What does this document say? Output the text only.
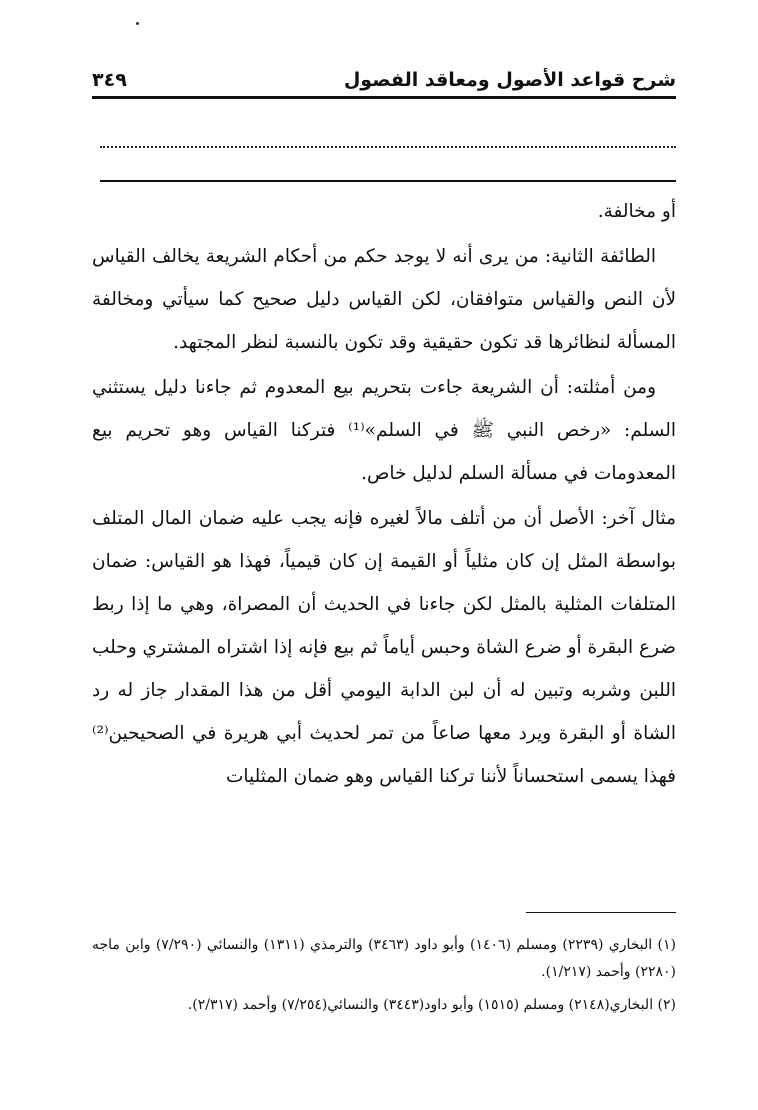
شرح قواعد الأصول ومعاقد الفصول
٣٤٩

أو مخالفة.

الطائفة الثانية: من يرى أنه لا يوجد حكم من أحكام الشريعة يخالف القياس لأن النص والقياس متوافقان، لكن القياس دليل صحيح كما سيأتي ومخالفة المسألة لنظائرها قد تكون حقيقية وقد تكون بالنسبة لنظر المجتهد.

ومن أمثلته: أن الشريعة جاءت بتحريم بيع المعدوم ثم جاءنا دليل يستثني السلم: «رخص النبي ﷺ في السلم»⁽¹⁾ فتركنا القياس وهو تحريم بيع المعدومات في مسألة السلم لدليل خاص.

مثال آخر: الأصل أن من أتلف مالاً لغيره فإنه يجب عليه ضمان المال المتلف بواسطة المثل إن كان مثلياً أو القيمة إن كان قيمياً، فهذا هو القياس: ضمان المتلفات المثلية بالمثل لكن جاءنا في الحديث أن المصراة، وهي ما إذا ربط ضرع البقرة أو ضرع الشاة وحبس أياماً ثم بيع فإنه إذا اشتراه المشتري وحلب اللبن وشربه وتبين له أن لبن الدابة اليومي أقل من هذا المقدار جاز له رد الشاة أو البقرة ويرد معها صاعاً من تمر لحديث أبي هريرة في الصحيحين⁽²⁾ فهذا يسمى استحساناً لأننا تركنا القياس وهو ضمان المثليات

(١) البخاري (٢٢٣٩) ومسلم (١٤٠٦) وأبو داود (٣٤٦٣) والترمذي (١٣١١) والنسائي (٧/٢٩٠) وابن ماجه (٢٢٨٠) وأحمد (١/٢١٧).

(٢) البخاري(٢١٤٨) ومسلم (١٥١٥) وأبو داود(٣٤٤٣) والنسائي(٧/٢٥٤) وأحمد (٢/٣١٧).
